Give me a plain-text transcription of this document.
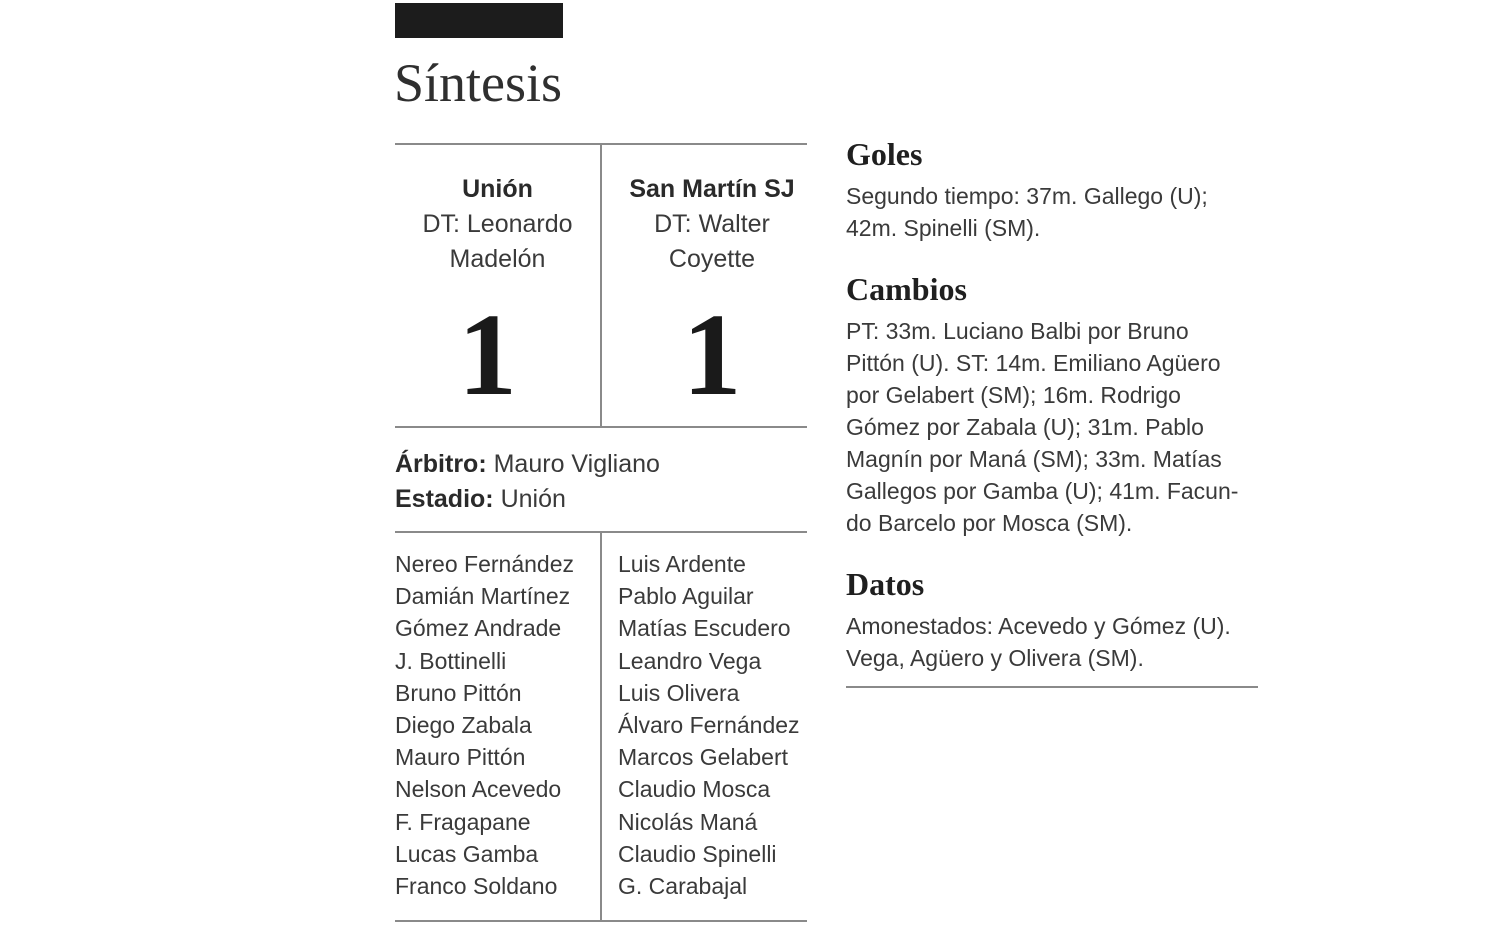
Síntesis
Unión
DT: Leonardo
Madelón
1
San Martín SJ
DT: Walter
Coyette
1
Árbitro: Mauro Vigliano
Estadio: Unión
Nereo Fernández
Damián Martínez
Gómez Andrade
J. Bottinelli
Bruno Pittón
Diego Zabala
Mauro Pittón
Nelson Acevedo
F. Fragapane
Lucas Gamba
Franco Soldano
Luis Ardente
Pablo Aguilar
Matías Escudero
Leandro Vega
Luis Olivera
Álvaro Fernández
Marcos Gelabert
Claudio Mosca
Nicolás Maná
Claudio Spinelli
G. Carabajal
Goles
Segundo tiempo: 37m. Gallego (U);
42m. Spinelli (SM).
Cambios
PT: 33m. Luciano Balbi por Bruno
Pittón (U). ST: 14m. Emiliano Agüero
por Gelabert (SM); 16m. Rodrigo
Gómez por Zabala (U); 31m. Pablo
Magnín por Maná (SM); 33m. Matías
Gallegos por Gamba (U); 41m. Facun-
do Barcelo por Mosca (SM).
Datos
Amonestados: Acevedo y Gómez (U).
Vega, Agüero y Olivera (SM).
